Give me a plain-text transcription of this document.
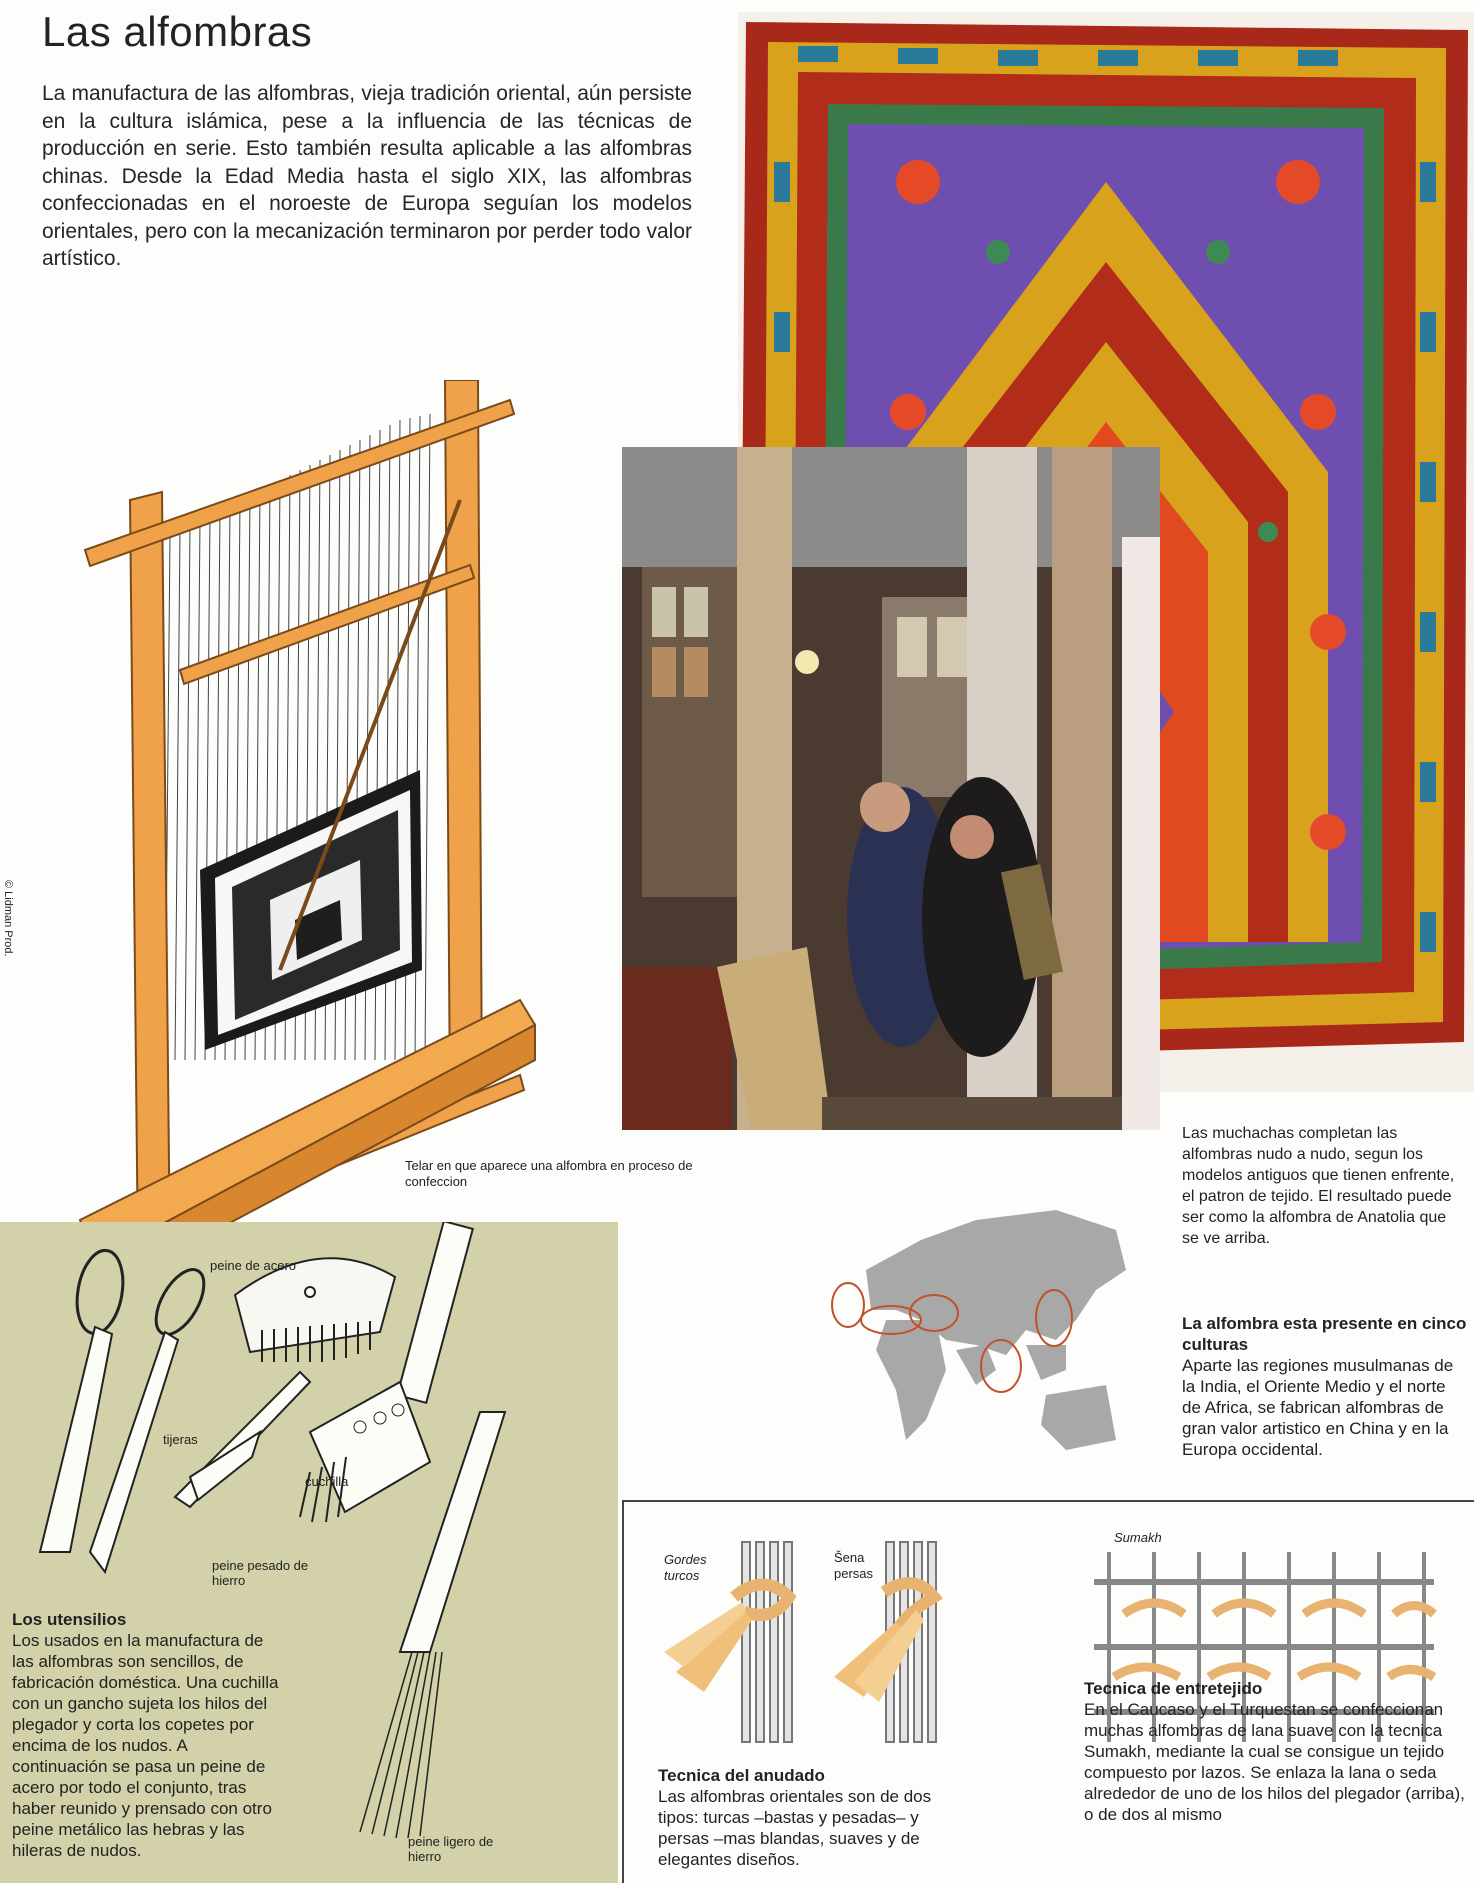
Las alfombras
La manufactura de las alfombras, vieja tradición oriental, aún persiste en la cultura islámica, pese a la influencia de las técnicas de producción en serie. Esto también resulta aplicable a las alfombras chinas. Desde la Edad Media hasta el siglo XIX, las alfombras confeccionadas en el noroeste de Europa seguían los modelos orientales, pero con la mecanización terminaron por perder todo valor artístico.
© Lidman Prod.
Telar en que aparece una alfombra en proceso de confeccion
Las muchachas completan las alfombras nudo a nudo, segun los modelos antiguos que tienen enfrente, el patron de tejido. El resultado puede ser como la alfombra de Anatolia que se ve arriba.
La alfombra esta presente en cinco culturas
Aparte las regiones musulmanas de la India, el Oriente Medio y el norte de Africa, se fabrican alfombras de gran valor artistico en China y en la Europa occidental.
peine de acero
tijeras
cuchilla
peine pesado de hierro
peine ligero de hierro
Los utensilios
Los usados en la manufactura de las alfombras son sencillos, de fabricación doméstica. Una cuchilla con un gancho sujeta los hilos del plegador y corta los copetes por encima de los nudos. A continuación se pasa un peine de acero por todo el conjunto, tras haber reunido y prensado con otro peine metálico las hebras y las hileras de nudos.
Gordes turcos
Šena persas
Sumakh
Tecnica del anudado
Las alfombras orientales son de dos tipos: turcas –bastas y pesadas– y persas –mas blandas, suaves y de elegantes diseños.
Tecnica de entretejido
En el Caucaso y el Turquestan se confeccionan muchas alfombras de lana suave con la tecnica Sumakh, mediante la cual se consigue un tejido compuesto por lazos. Se enlaza la lana o seda alrededor de uno de los hilos del plegador (arriba), o de dos al mismo
